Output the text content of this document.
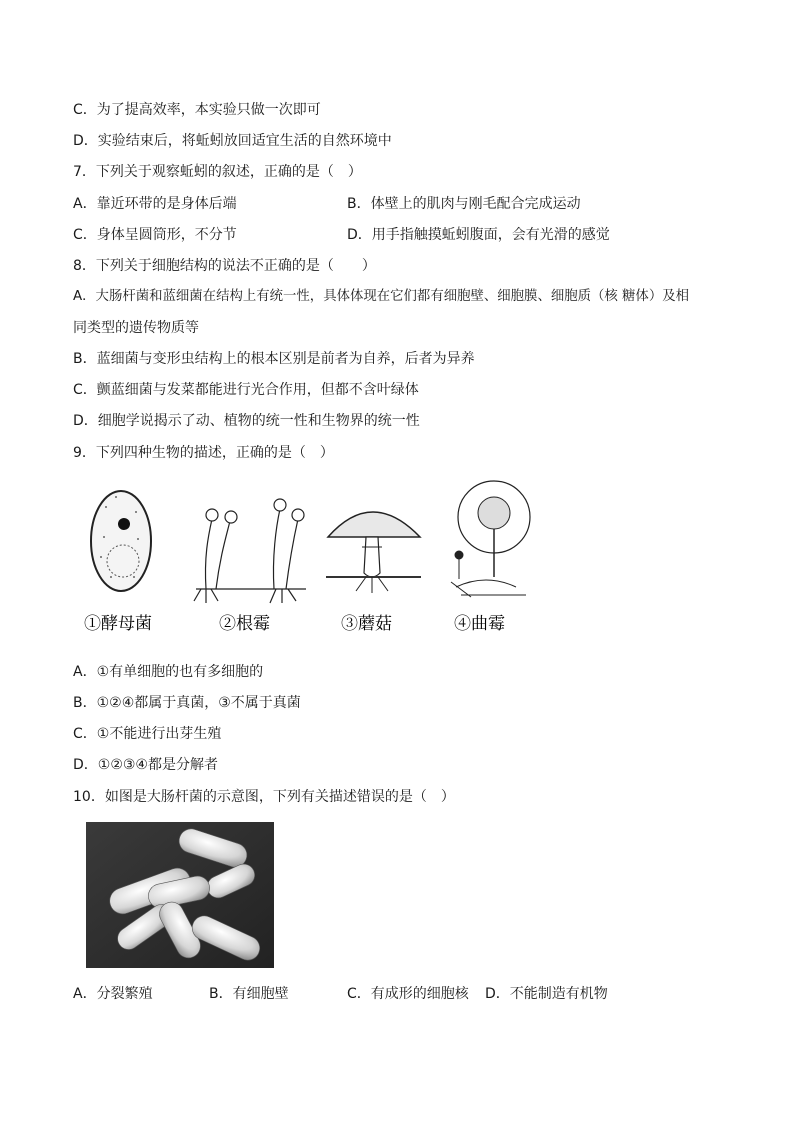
C．为了提高效率，本实验只做一次即可
D．实验结束后，将蚯蚓放回适宜生活的自然环境中
7．下列关于观察蚯蚓的叙述，正确的是（　）
A．靠近环带的是身体后端	B．体壁上的肌肉与刚毛配合完成运动
C．身体呈圆筒形，不分节	D．用手指触摸蚯蚓腹面，会有光滑的感觉
8．下列关于细胞结构的说法不正确的是（　　）
A．大肠杆菌和蓝细菌在结构上有统一性，具体体现在它们都有细胞壁、细胞膜、细胞质（核 糖体）及相
同类型的遗传物质等
B．蓝细菌与变形虫结构上的根本区别是前者为自养，后者为异养
C．颤蓝细菌与发菜都能进行光合作用，但都不含叶绿体
D．细胞学说揭示了动、植物的统一性和生物界的统一性
9．下列四种生物的描述，正确的是（　）
①酵母菌	②根霉	③蘑菇	④曲霉
A．①有单细胞的也有多细胞的
B．①②④都属于真菌，③不属于真菌
C．①不能进行出芽生殖
D．①②③④都是分解者
10．如图是大肠杆菌的示意图，下列有关描述错误的是（　）
A．分裂繁殖	B．有细胞壁	C．有成形的细胞核 D．不能制造有机物
